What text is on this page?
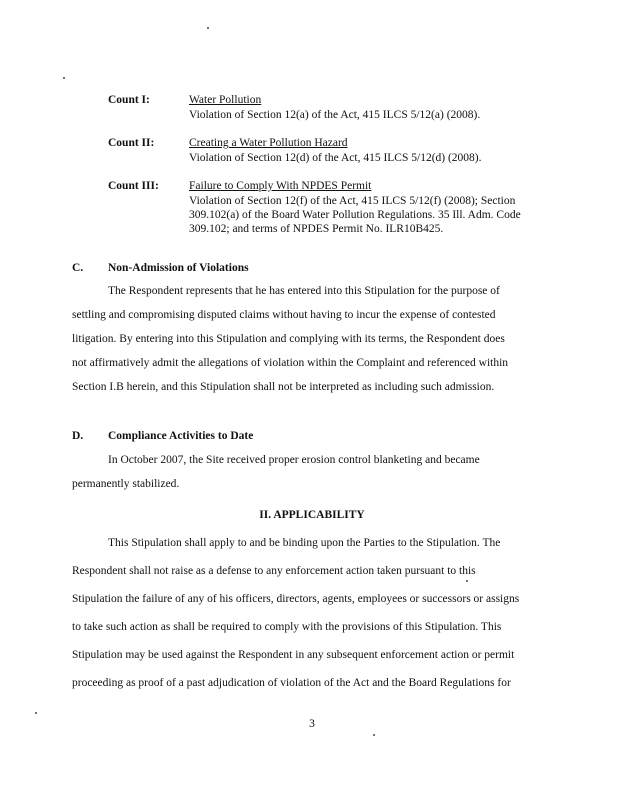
Count I:	Water Pollution
Violation of Section 12(a) of the Act, 415 ILCS 5/12(a) (2008).
Count II:	Creating a Water Pollution Hazard
Violation of Section 12(d) of the Act, 415 ILCS 5/12(d) (2008).
Count III:	Failure to Comply With NPDES Permit
Violation of Section 12(f) of the Act, 415 ILCS 5/12(f) (2008); Section
309.102(a) of the Board Water Pollution Regulations. 35 Ill. Adm. Code
309.102; and terms of NPDES Permit No. ILR10B425.
C. Non-Admission of Violations
The Respondent represents that he has entered into this Stipulation for the purpose of
settling and compromising disputed claims without having to incur the expense of contested
litigation. By entering into this Stipulation and complying with its terms, the Respondent does
not affirmatively admit the allegations of violation within the Complaint and referenced within
Section I.B herein, and this Stipulation shall not be interpreted as including such admission.
D. Compliance Activities to Date
In October 2007, the Site received proper erosion control blanketing and became
permanently stabilized.
II. APPLICABILITY
This Stipulation shall apply to and be binding upon the Parties to the Stipulation. The
Respondent shall not raise as a defense to any enforcement action taken pursuant to this
Stipulation the failure of any of his officers, directors, agents, employees or successors or assigns
to take such action as shall be required to comply with the provisions of this Stipulation. This
Stipulation may be used against the Respondent in any subsequent enforcement action or permit
proceeding as proof of a past adjudication of violation of the Act and the Board Regulations for
3
